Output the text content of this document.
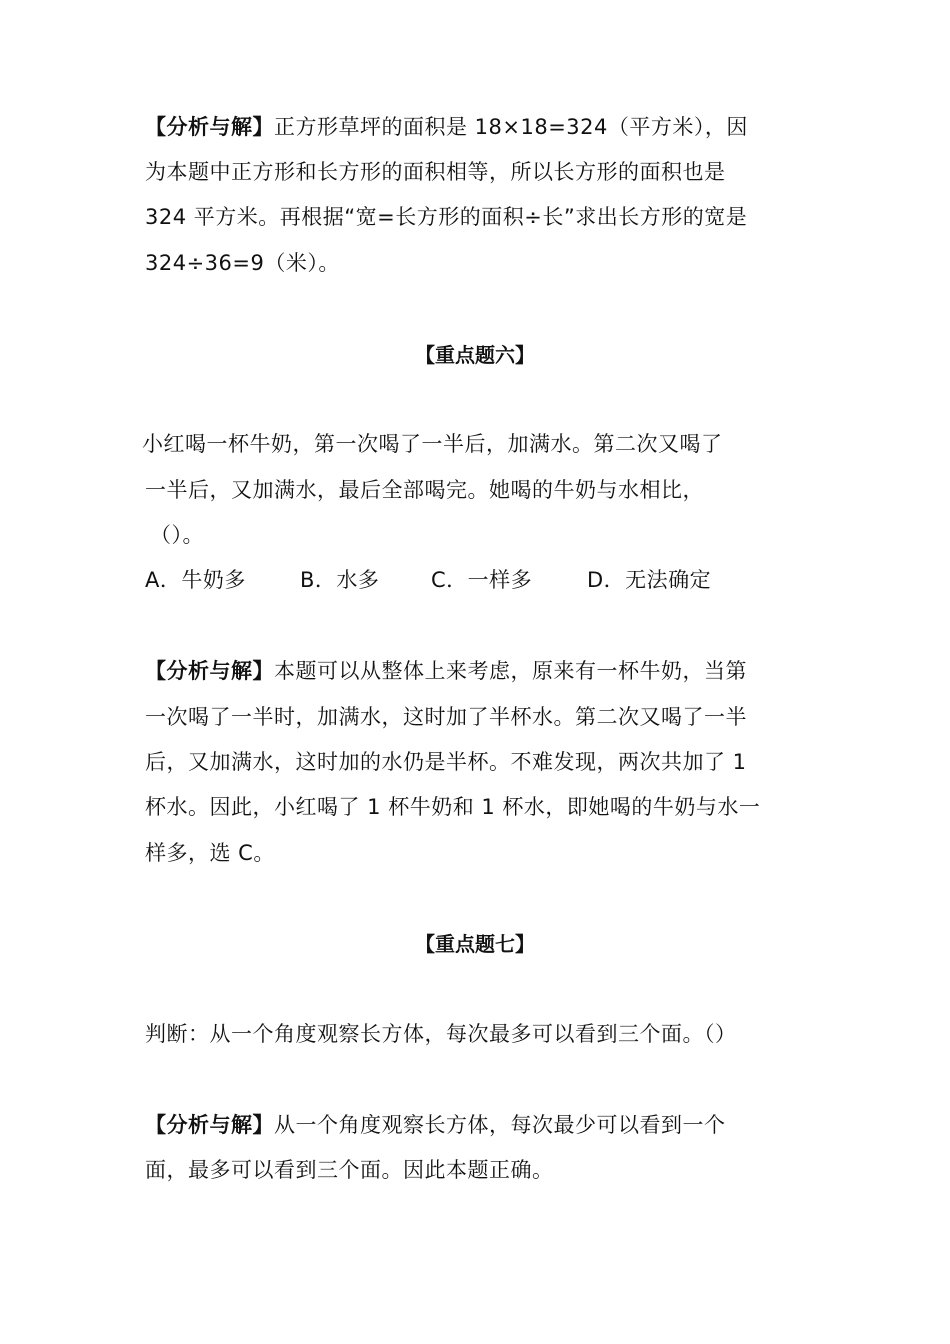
【分析与解】正方形草坪的面积是 18×18=324（平方米），因
为本题中正方形和长方形的面积相等，所以长方形的面积也是
324 平方米。再根据“宽=长方形的面积÷长”求出长方形的宽是
324÷36=9（米）。
【重点题六】
小红喝一杯牛奶，第一次喝了一半后，加满水。第二次又喝了
一半后，又加满水，最后全部喝完。她喝的牛奶与水相比，
（）。
A．牛奶多	B．水多 C．一样多	D．无法确定
【分析与解】本题可以从整体上来考虑，原来有一杯牛奶，当第
一次喝了一半时，加满水，这时加了半杯水。第二次又喝了一半
后，又加满水，这时加的水仍是半杯。不难发现，两次共加了 1
杯水。因此，小红喝了 1 杯牛奶和 1 杯水，即她喝的牛奶与水一
样多，选 C。
【重点题七】
判断：从一个角度观察长方体，每次最多可以看到三个面。（）
【分析与解】从一个角度观察长方体，每次最少可以看到一个
面，最多可以看到三个面。因此本题正确。
